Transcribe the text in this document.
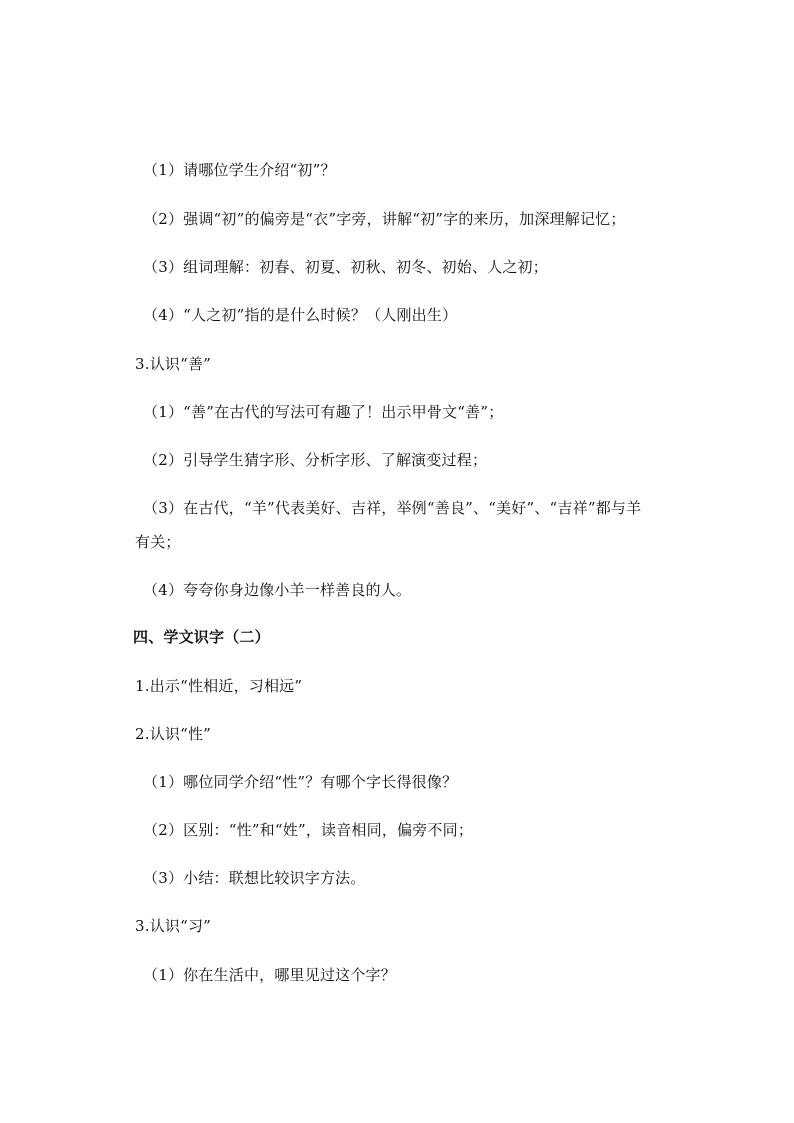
（1）请哪位学生介绍“初”？
（2）强调“初”的偏旁是“衣”字旁，讲解“初”字的来历，加深理解记忆；
（3）组词理解：初春、初夏、初秋、初冬、初始、人之初；
（4）“人之初”指的是什么时候？（人刚出生）
3.认识“善”
（1）“善”在古代的写法可有趣了！出示甲骨文“善”；
（2）引导学生猜字形、分析字形、了解演变过程；
（3）在古代，“羊”代表美好、吉祥，举例“善良”、“美好”、“吉祥”都与羊
有关；
（4）夸夸你身边像小羊一样善良的人。
四、学文识字（二）
1.出示“性相近，习相远”
2.认识“性”
（1）哪位同学介绍“性”？有哪个字长得很像？
（2）区别：“性”和“姓”，读音相同，偏旁不同；
（3）小结：联想比较识字方法。
3.认识“习”
（1）你在生活中，哪里见过这个字？
